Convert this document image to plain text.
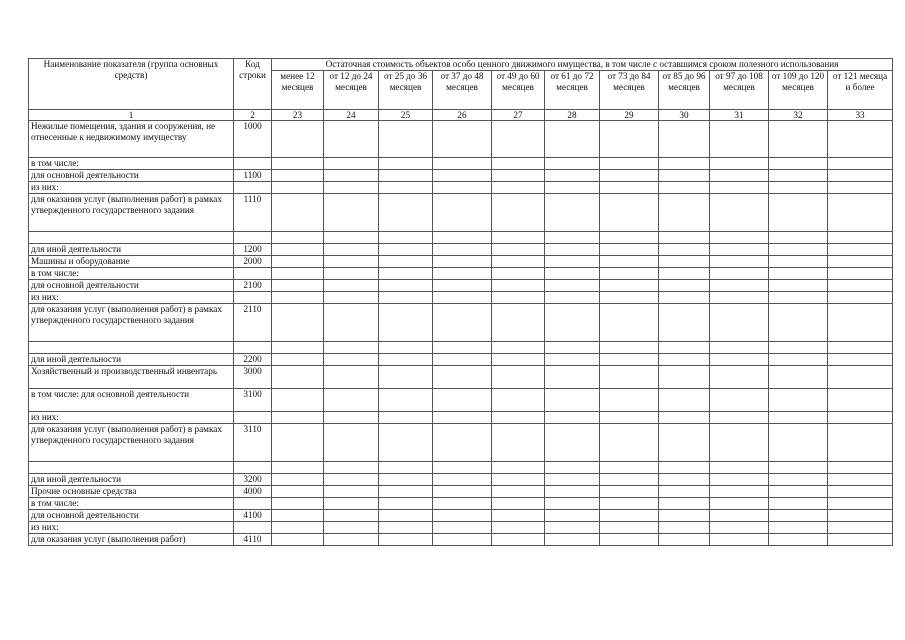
Наименование показателя (группа основных средств)	Код строки	Остаточная стоимость объектов особо ценного движимого имущества, в том числе с оставшимся сроком полезного использования										
		менее 12 месяцев	от 12 до 24 месяцев	от 25 до 36 месяцев	от 37 до 48 месяцев	от 49 до 60 месяцев	от 61 до 72 месяцев	от 73 до 84 месяцев	от 85 до 96 месяцев	от 97 до 108 месяцев	от 109 до 120 месяцев	от 121 месяца и более
1	2	23	24	25	26	27	28	29	30	31	32	33
Нежилые помещения, здания и сооружения, не отнесенные к недвижимому имуществу	1000											
в том числе:												
для основной деятельности	1100											
из них:												
для оказания услуг (выполнения работ) в рамках утвержденного государственного задания	1110											

для иной деятельности	1200											
Машины и оборудование	2000											
в том числе:												
для основной деятельности	2100											
из них:												
для оказания услуг (выполнения работ) в рамках утвержденного государственного задания	2110											

для иной деятельности	2200											
Хозяйственный и производственный инвентарь	3000											
в том числе: для основной деятельности	3100											
из них:												
для оказания услуг (выполнения работ) в рамках утвержденного государственного задания	3110											

для иной деятельности	3200											
Прочие основные средства	4000											
в том числе:												
для основной деятельности	4100											
из них:												
для оказания услуг (выполнения работ)	4110											
